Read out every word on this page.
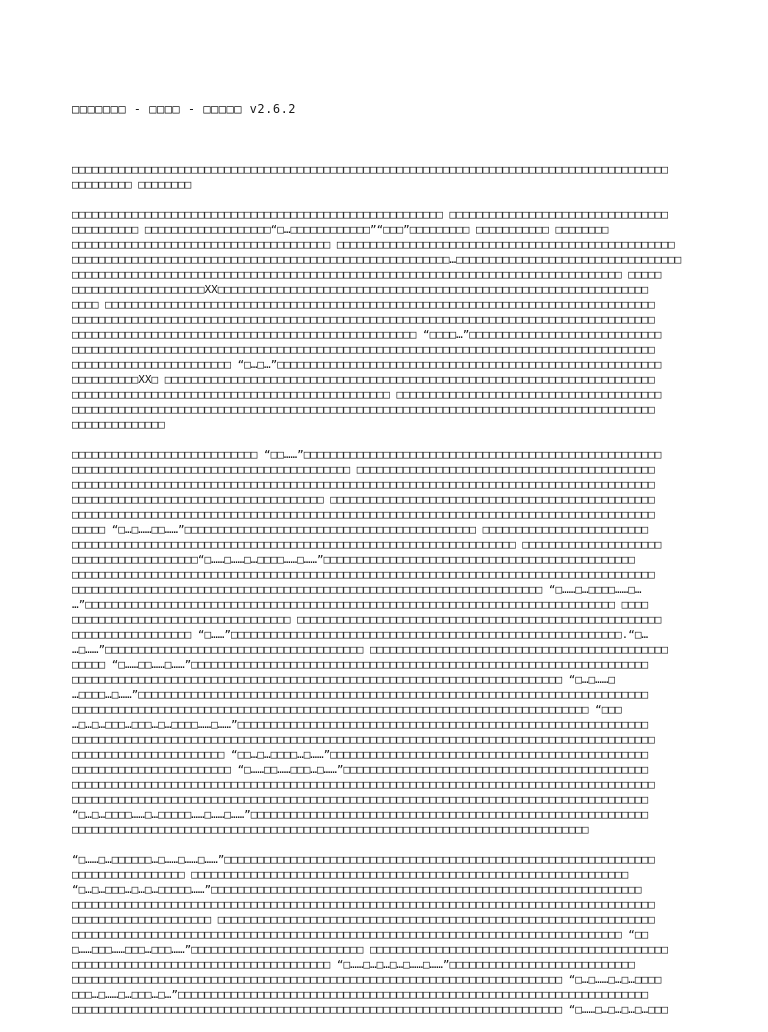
□□□□□□□ - □□□□ - □□□□□ v2.6.2

□□□□□□□□□□□□□□□□□□□□□□□□□□□□□□□□□□□□□□□□□□□□□□□□□□□□□□□□□□□□□□□□□□□□□□□□□□□□□□□□□□□□□□□□□□
□□□□□□□□□ □□□□□□□□
□□□□□□□□□□□□□□□□□□□□□□□□□□□□□□□□□□□□□□□□□□□□□□□□□□□□□□□□ □□□□□□□□□□□□□□□□□□□□□□□□□□□□□□□□□
□□□□□□□□□□ □□□□□□□□□□□□□□□□□□□“□…□□□□□□□□□□□□”“□□□”□□□□□□□□□ □□□□□□□□□□□ □□□□□□□□
□□□□□□□□□□□□□□□□□□□□□□□□□□□□□□□□□□□□□□□ □□□□□□□□□□□□□□□□□□□□□□□□□□□□□□□□□□□□□□□□□□□□□□□□□□□
□□□□□□□□□□□□□□□□□□□□□□□□□□□□□□□□□□□□□□□□□□□□□□□□□□□□□□□□□…□□□□□□□□□□□□□□□□□□□□□□□□□□□□□□□□□□
□□□□□□□□□□□□□□□□□□□□□□□□□□□□□□□□□□□□□□□□□□□□□□□□□□□□□□□□□□□□□□□□□□□□□□□□□□□□□□□□□□□ □□□□□
□□□□□□□□□□□□□□□□□□□□XX□□□□□□□□□□□□□□□□□□□□□□□□□□□□□□□□□□□□□□□□□□□□□□□□□□□□□□□□□□□□□□□□□
□□□□ □□□□□□□□□□□□□□□□□□□□□□□□□□□□□□□□□□□□□□□□□□□□□□□□□□□□□□□□□□□□□□□□□□□□□□□□□□□□□□□□□□□
□□□□□□□□□□□□□□□□□□□□□□□□□□□□□□□□□□□□□□□□□□□□□□□□□□□□□□□□□□□□□□□□□□□□□□□□□□□□□□□□□□□□□□□□
□□□□□□□□□□□□□□□□□□□□□□□□□□□□□□□□□□□□□□□□□□□□□□□□□□□□ “□□□□…”□□□□□□□□□□□□□□□□□□□□□□□□□□□□□
□□□□□□□□□□□□□□□□□□□□□□□□□□□□□□□□□□□□□□□□□□□□□□□□□□□□□□□□□□□□□□□□□□□□□□□□□□□□□□□□□□□□□□□□
□□□□□□□□□□□□□□□□□□□□□□□□ “□…□…”□□□□□□□□□□□□□□□□□□□□□□□□□□□□□□□□□□□□□□□□□□□□□□□□□□□□□□□□□□
□□□□□□□□□□XX□ □□□□□□□□□□□□□□□□□□□□□□□□□□□□□□□□□□□□□□□□□□□□□□□□□□□□□□□□□□□□□□□□□□□□□□□□□□
□□□□□□□□□□□□□□□□□□□□□□□□□□□□□□□□□□□□□□□□□□□□□□□□ □□□□□□□□□□□□□□□□□□□□□□□□□□□□□□□□□□□□□□□□
□□□□□□□□□□□□□□□□□□□□□□□□□□□□□□□□□□□□□□□□□□□□□□□□□□□□□□□□□□□□□□□□□□□□□□□□□□□□□□□□□□□□□□□□
□□□□□□□□□□□□□□
□□□□□□□□□□□□□□□□□□□□□□□□□□□□ “□□……”□□□□□□□□□□□□□□□□□□□□□□□□□□□□□□□□□□□□□□□□□□□□□□□□□□□□□□
□□□□□□□□□□□□□□□□□□□□□□□□□□□□□□□□□□□□□□□□□□ □□□□□□□□□□□□□□□□□□□□□□□□□□□□□□□□□□□□□□□□□□□□□
□□□□□□□□□□□□□□□□□□□□□□□□□□□□□□□□□□□□□□□□□□□□□□□□□□□□□□□□□□□□□□□□□□□□□□□□□□□□□□□□□□□□□□□□
□□□□□□□□□□□□□□□□□□□□□□□□□□□□□□□□□□□□□□ □□□□□□□□□□□□□□□□□□□□□□□□□□□□□□□□□□□□□□□□□□□□□□□□□
□□□□□□□□□□□□□□□□□□□□□□□□□□□□□□□□□□□□□□□□□□□□□□□□□□□□□□□□□□□□□□□□□□□□□□□□□□□□□□□□□□□□□□□□
□□□□□ “□…□……□□……”□□□□□□□□□□□□□□□□□□□□□□□□□□□□□□□□□□□□□□□□□□□□ □□□□□□□□□□□□□□□□□□□□□□□□□
□□□□□□□□□□□□□□□□□□□□□□□□□□□□□□□□□□□□□□□□□□□□□□□□□□□□□□□□□□□□□□□□□□□ □□□□□□□□□□□□□□□□□□□□□
□□□□□□□□□□□□□□□□□□□“□……□……□…□□□□……□……”□□□□□□□□□□□□□□□□□□□□□□□□□□□□□□□□□□□□□□□□□□□□□□□
□□□□□□□□□□□□□□□□□□□□□□□□□□□□□□□□□□□□□□□□□□□□□□□□□□□□□□□□□□□□□□□□□□□□□□□□□□□□□□□□□□□□□□□□
□□□□□□□□□□□□□□□□□□□□□□□□□□□□□□□□□□□□□□□□□□□□□□□□□□□□□□□□□□□□□□□□□□□□□□□ “□……□…□□□□……□…
…”□□□□□□□□□□□□□□□□□□□□□□□□□□□□□□□□□□□□□□□□□□□□□□□□□□□□□□□□□□□□□□□□□□□□□□□□□□□□□□□□ □□□□
□□□□□□□□□□□□□□□□□□□□□□□□□□□□□□□□□ □□□□□□□□□□□□□□□□□□□□□□□□□□□□□□□□□□□□□□□□□□□□□□□□□□□□□□□
□□□□□□□□□□□□□□□□□□ “□……”□□□□□□□□□□□□□□□□□□□□□□□□□□□□□□□□□□□□□□□□□□□□□□□□□□□□□□□□□□□.“□…
…□……”□□□□□□□□□□□□□□□□□□□□□□□□□□□□□□□□□□□□□□□ □□□□□□□□□□□□□□□□□□□□□□□□□□□□□□□□□□□□□□□□□□□□□
□□□□□ “□……□□……□……”□□□□□□□□□□□□□□□□□□□□□□□□□□□□□□□□□□□□□□□□□□□□□□□□□□□□□□□□□□□□□□□□□□□□□
□□□□□□□□□□□□□□□□□□□□□□□□□□□□□□□□□□□□□□□□□□□□□□□□□□□□□□□□□□□□□□□□□□□□□□□□□□ “□…□……□
…□□□□…□……”□□□□□□□□□□□□□□□□□□□□□□□□□□□□□□□□□□□□□□□□□□□□□□□□□□□□□□□□□□□□□□□□□□□□□□□□□□□□□
□□□□□□□□□□□□□□□□□□□□□□□□□□□□□□□□□□□□□□□□□□□□□□□□□□□□□□□□□□□□□□□□□□□□□□□□□□□□□□ “□□□
…□…□…□□□…□□□…□…□□□□……□……”□□□□□□□□□□□□□□□□□□□□□□□□□□□□□□□□□□□□□□□□□□□□□□□□□□□□□□□□□□□□□□
□□□□□□□□□□□□□□□□□□□□□□□□□□□□□□□□□□□□□□□□□□□□□□□□□□□□□□□□□□□□□□□□□□□□□□□□□□□□□□□□□□□□□□□□
□□□□□□□□□□□□□□□□□□□□□□□ “□□…□…□□□□…□……”□□□□□□□□□□□□□□□□□□□□□□□□□□□□□□□□□□□□□□□□□□□□□□□□
□□□□□□□□□□□□□□□□□□□□□□□□ “□……□□……□□□…□……”□□□□□□□□□□□□□□□□□□□□□□□□□□□□□□□□□□□□□□□□□□□□□□
□□□□□□□□□□□□□□□□□□□□□□□□□□□□□□□□□□□□□□□□□□□□□□□□□□□□□□□□□□□□□□□□□□□□□□□□□□□□□□□□□□□□□□□□
□□□□□□□□□□□□□□□□□□□□□□□□□□□□□□□□□□□□□□□□□□□□□□□□□□□□□□□□□□□□□□□□□□□□□□□□□□□□□□□□□□□□□□□
“□…□…□□□□……□…□□□□□……□……□……”□□□□□□□□□□□□□□□□□□□□□□□□□□□□□□□□□□□□□□□□□□□□□□□□□□□□□□□□□□□□
□□□□□□□□□□□□□□□□□□□□□□□□□□□□□□□□□□□□□□□□□□□□□□□□□□□□□□□□□□□□□□□□□□□□□□□□□□□□□□
“□……□…□□□□□□…□……□……□……”□□□□□□□□□□□□□□□□□□□□□□□□□□□□□□□□□□□□□□□□□□□□□□□□□□□□□□□□□□□□□□□□□
□□□□□□□□□□□□□□□□□ □□□□□□□□□□□□□□□□□□□□□□□□□□□□□□□□□□□□□□□□□□□□□□□□□□□□□□□□□□□□□□□□□□
“□…□…□□□…□…□…□□□□□……”□□□□□□□□□□□□□□□□□□□□□□□□□□□□□□□□□□□□□□□□□□□□□□□□□□□□□□□□□□□□□□□□□
□□□□□□□□□□□□□□□□□□□□□□□□□□□□□□□□□□□□□□□□□□□□□□□□□□□□□□□□□□□□□□□□□□□□□□□□□□□□□□□□□□□□□□□□
□□□□□□□□□□□□□□□□□□□□□ □□□□□□□□□□□□□□□□□□□□□□□□□□□□□□□□□□□□□□□□□□□□□□□□□□□□□□□□□□□□□□□□□□
□□□□□□□□□□□□□□□□□□□□□□□□□□□□□□□□□□□□□□□□□□□□□□□□□□□□□□□□□□□□□□□□□□□□□□□□□□□□□□□□□□□ “□□
□……□□□……□□□…□□□……”□□□□□□□□□□□□□□□□□□□□□□□□□□ □□□□□□□□□□□□□□□□□□□□□□□□□□□□□□□□□□□□□□□□□□□□□
□□□□□□□□□□□□□□□□□□□□□□□□□□□□□□□□□□□□□□□ “□……□…□…□…□……□……”□□□□□□□□□□□□□□□□□□□□□□□□□□□□
□□□□□□□□□□□□□□□□□□□□□□□□□□□□□□□□□□□□□□□□□□□□□□□□□□□□□□□□□□□□□□□□□□□□□□□□□□ “□…□……□…□…□□□□
□□□…□……□…□□□…□…”□□□□□□□□□□□□□□□□□□□□□□□□□□□□□□□□□□□□□□□□□□□□□□□□□□□□□□□□□□□□□□□□□□□□□□□
□□□□□□□□□□□□□□□□□□□□□□□□□□□□□□□□□□□□□□□□□□□□□□□□□□□□□□□□□□□□□□□□□□□□□□□□□□ “□……□…□…□…□…□□□
